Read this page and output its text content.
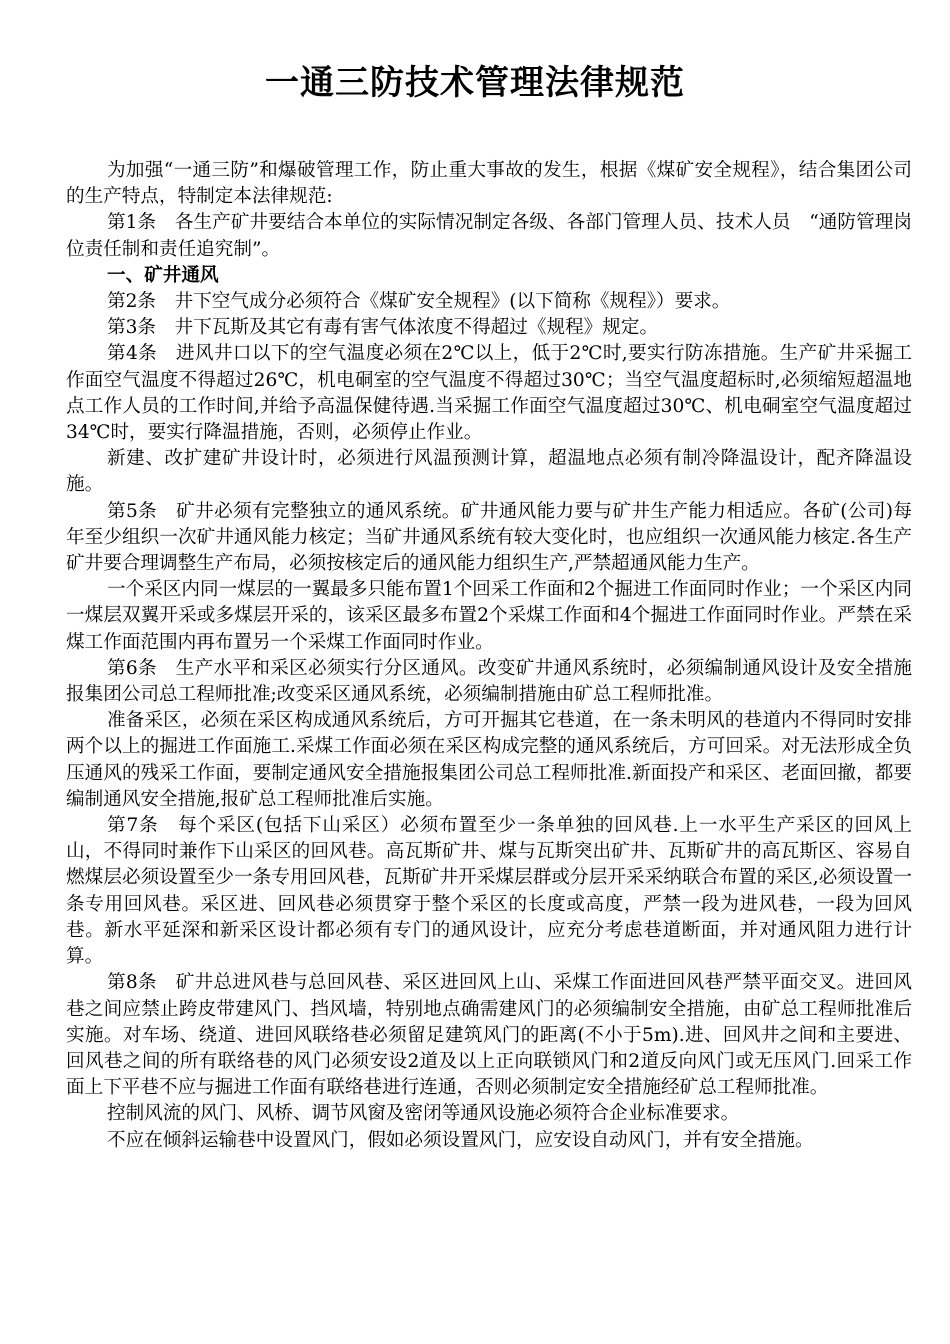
一通三防技术管理法律规范

为加强“一通三防”和爆破管理工作，防止重大事故的发生，根据《煤矿安全规程》，结合集团公司的生产特点，特制定本法律规范:

第1条　各生产矿井要结合本单位的实际情况制定各级、各部门管理人员、技术人员　“通防管理岗位责任制和责任追究制”。

一、矿井通风

第2条　井下空气成分必须符合《煤矿安全规程》(以下简称《规程》）要求。

第3条　井下瓦斯及其它有毒有害气体浓度不得超过《规程》规定。

第4条　进风井口以下的空气温度必须在2℃以上，低于2℃时,要实行防冻措施。生产矿井采掘工作面空气温度不得超过26℃，机电硐室的空气温度不得超过30℃；当空气温度超标时,必须缩短超温地点工作人员的工作时间,并给予高温保健待遇.当采掘工作面空气温度超过30℃、机电硐室空气温度超过34℃时，要实行降温措施，否则，必须停止作业。

新建、改扩建矿井设计时，必须进行风温预测计算，超温地点必须有制冷降温设计，配齐降温设施。

第5条　矿井必须有完整独立的通风系统。矿井通风能力要与矿井生产能力相适应。各矿(公司)每年至少组织一次矿井通风能力核定；当矿井通风系统有较大变化时，也应组织一次通风能力核定.各生产矿井要合理调整生产布局，必须按核定后的通风能力组织生产,严禁超通风能力生产。

一个采区内同一煤层的一翼最多只能布置1个回采工作面和2个掘进工作面同时作业；一个采区内同一煤层双翼开采或多煤层开采的，该采区最多布置2个采煤工作面和4个掘进工作面同时作业。严禁在采煤工作面范围内再布置另一个采煤工作面同时作业。

第6条　生产水平和采区必须实行分区通风。改变矿井通风系统时，必须编制通风设计及安全措施报集团公司总工程师批准;改变采区通风系统，必须编制措施由矿总工程师批准。

准备采区，必须在采区构成通风系统后，方可开掘其它巷道，在一条未明风的巷道内不得同时安排两个以上的掘进工作面施工.采煤工作面必须在采区构成完整的通风系统后，方可回采。对无法形成全负压通风的残采工作面，要制定通风安全措施报集团公司总工程师批准.新面投产和采区、老面回撤，都要编制通风安全措施,报矿总工程师批准后实施。

第7条　每个采区(包括下山采区）必须布置至少一条单独的回风巷.上一水平生产采区的回风上山，不得同时兼作下山采区的回风巷。高瓦斯矿井、煤与瓦斯突出矿井、瓦斯矿井的高瓦斯区、容易自燃煤层必须设置至少一条专用回风巷，瓦斯矿井开采煤层群或分层开采采纳联合布置的采区,必须设置一条专用回风巷。采区进、回风巷必须贯穿于整个采区的长度或高度，严禁一段为进风巷，一段为回风巷。新水平延深和新采区设计都必须有专门的通风设计，应充分考虑巷道断面，并对通风阻力进行计算。

第8条　矿井总进风巷与总回风巷、采区进回风上山、采煤工作面进回风巷严禁平面交叉。进回风巷之间应禁止跨皮带建风门、挡风墙，特别地点确需建风门的必须编制安全措施，由矿总工程师批准后实施。对车场、绕道、进回风联络巷必须留足建筑风门的距离(不小于5m).进、回风井之间和主要进、回风巷之间的所有联络巷的风门必须安设2道及以上正向联锁风门和2道反向风门或无压风门.回采工作面上下平巷不应与掘进工作面有联络巷进行连通，否则必须制定安全措施经矿总工程师批准。

控制风流的风门、风桥、调节风窗及密闭等通风设施必须符合企业标准要求。

不应在倾斜运输巷中设置风门，假如必须设置风门，应安设自动风门，并有安全措施。
